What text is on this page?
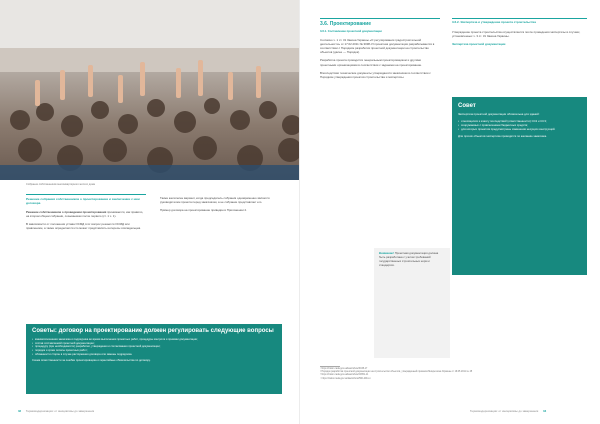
Собрание собственников многоквартирного жилого дома
Решение собрания собственников о проектировании и заключении с ним договора
Решение собственников о проведении проектирования принимается, как правило, на втором общем собрании, созываемом после первого (ст. 1 ч. 1).

В зависимости от положения устава ОСМД этот вопрос решается ОСМД или правлением, а также определяется кто может представлять интересы совладельцев.
Также желателен вариант, когда председатель собрания одновременно является руководителем проекта перед заказчиком, а не собрание представляет его.

Пример договора на проектирование приведён в Приложении 2.
Советы: договор на проектирование должен регулировать следующие вопросы
• взаимоотношения заказчика и подрядчика во время выполнения проектных работ, процедуры контроля и приемки документации;
• состав составляемой проектной документации;
• процедуру (при необходимости) разработки, утверждения и согласования проектной документации;
• порядок и сроки оплаты проектных работ;
• обязанности сторон в случае расторжения договора или замены подрядчика.
Схема ответственности за ошибки проектировщика и гарантийные обязательства по договору.
32 Термомодернизация: от инициативы до завершения
3.6. Проектирование
3.6.1. Составление проектной документации
Согласно ч. 1 ст. 31 Закона Украины «О регулировании градостроительной деятельности» от 17.02.2011 № 3038-VI проектная документация разрабатывается в соответствии с Порядком разработки проектной документации на строительство объектов (далее — Порядок).

Разработка проекта проводится генеральным проектировщиком и другими проектными организациями в соответствии с заданием на проектирование.

Впоследствии технические документы утверждаются заказчиком в соответствии с Порядком утверждения проектов строительства и экспертизы.
3.6.2. Экспертиза и утверждение проекта строительства
Утверждение проекта строительства осуществляется после проведения экспертизы в случаях, установленных ч. 3 ст. 31 Закона Украины.

Экспертиза проектной документации
Совет

Экспертиза проектной документации обязательна для зданий:

• относящихся к классу последствий (ответственности) СС2 и СС3;
• сооружаемых с привлечением бюджетных средств;
• для которых проектом предусмотрены изменения несущих конструкций.

Для прочих объектов экспертиза проводится по желанию заказчика.

Внимание! Проектная документация должна быть разработана с учетом требований государственных строительных норм и стандартов.
¹ https://zakon.rada.gov.ua/laws/show/3038-17
² Порядок разработки проектной документации на строительство объектов, утверждённый приказом Минрегиона Украины от 16.05.2011 № 45
³ https://zakon.rada.gov.ua/laws/show/z0651-11
⁴ https://zakon.rada.gov.ua/laws/show/560-2011-п
Термомодернизация: от инициативы до завершения 33
